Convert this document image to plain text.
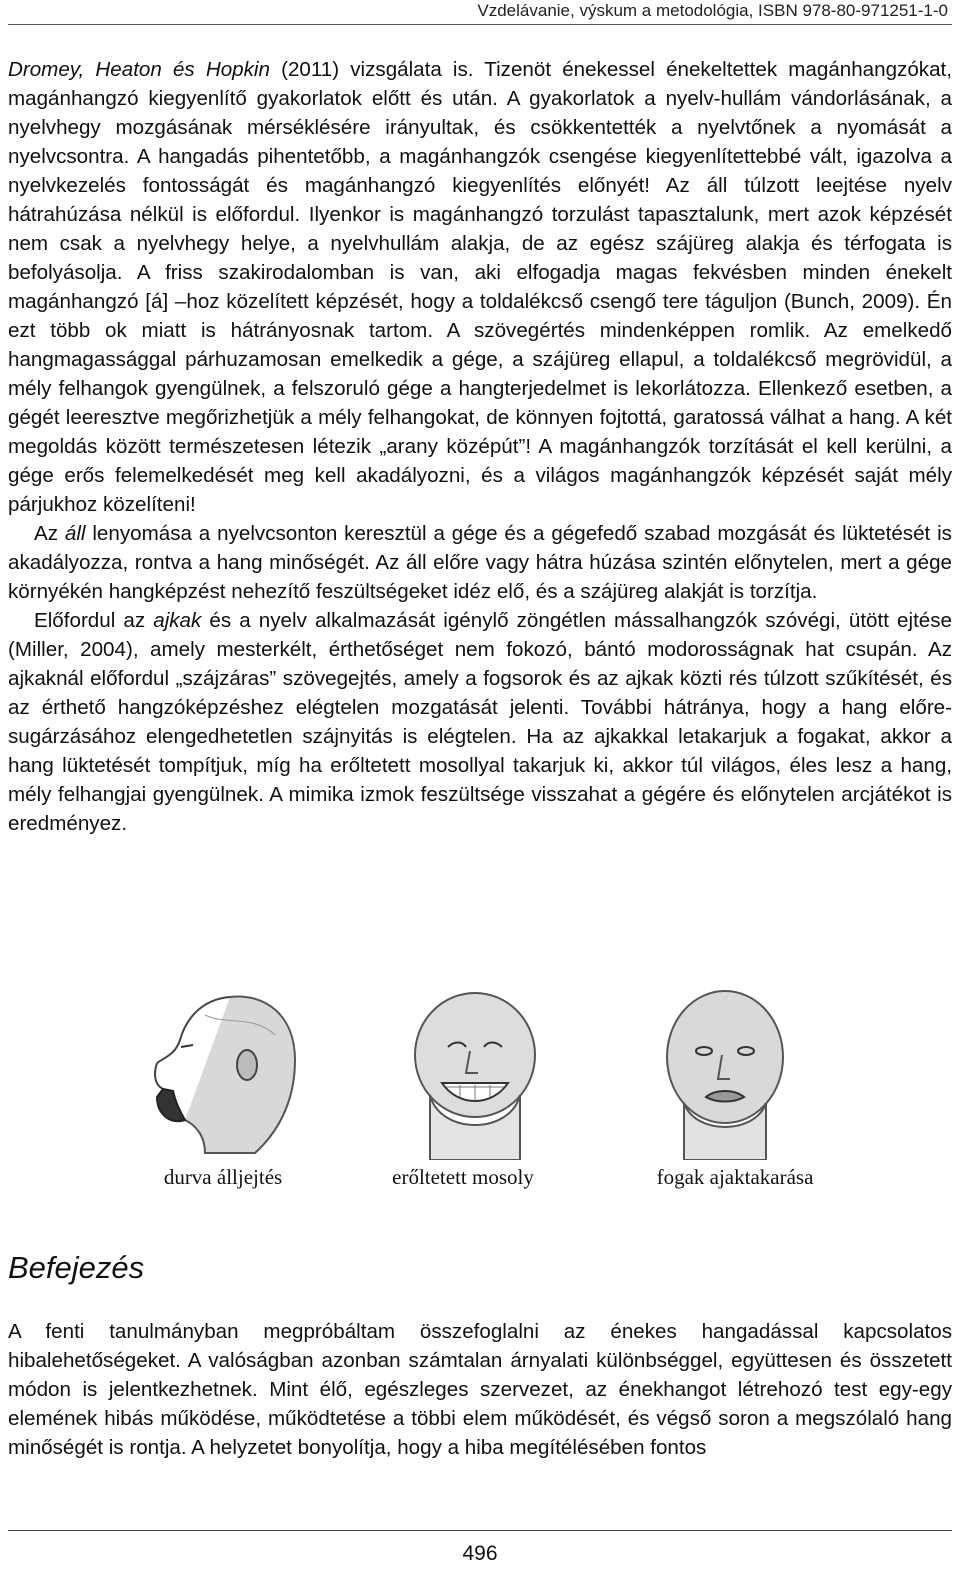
Vzdelávanie, výskum a metodológia, ISBN 978-80-971251-1-0

Dromey, Heaton és Hopkin (2011) vizsgálata is. Tizenöt énekessel énekeltettek magánhangzókat, magánhangzó kiegyenlítő gyakorlatok előtt és után. A gyakorlatok a nyelv-hullám vándorlásának, a nyelvhegy mozgásának mérséklésére irányultak, és csökkentették a nyelvtőnek a nyomását a nyelvcsontra. A hangadás pihentetőbb, a magánhangzók csengése kiegyenlítettebbé vált, igazolva a nyelvkezelés fontosságát és magánhangzó kiegyenlítés előnyét! Az áll túlzott leejtése nyelv hátrahúzása nélkül is előfordul. Ilyenkor is magánhangzó torzulást tapasztalunk, mert azok képzését nem csak a nyelvhegy helye, a nyelvhullám alakja, de az egész szájüreg alakja és térfogata is befolyásolja. A friss szakirodalomban is van, aki elfogadja magas fekvésben minden énekelt magánhangzó [á] –hoz közelített képzését, hogy a toldalékcső csengő tere táguljon (Bunch, 2009). Én ezt több ok miatt is hátrányosnak tartom. A szövegértés mindenképpen romlik. Az emelkedő hangmagassággal párhuzamosan emelkedik a gége, a szájüreg ellapul, a toldalékcső megrövidül, a mély felhangok gyengülnek, a felszoruló gége a hangterjedelmet is lekorlátozza. Ellenkező esetben, a gégét leeresztve megőrizhetjük a mély felhangokat, de könnyen fojtottá, garatossá válhat a hang. A két megoldás között természetesen létezik „arany középút”! A magánhangzók torzítását el kell kerülni, a gége erős felemelkedését meg kell akadályozni, és a világos magánhangzók képzését saját mély párjukhoz közelíteni!

Az áll lenyomása a nyelvcsonton keresztül a gége és a gégefedő szabad mozgását és lüktetését is akadályozza, rontva a hang minőségét. Az áll előre vagy hátra húzása szintén előnytelen, mert a gége környékén hangképzést nehezítő feszültségeket idéz elő, és a szájüreg alakját is torzítja.

Előfordul az ajkak és a nyelv alkalmazását igénylő zöngétlen mássalhangzók szóvégi, ütött ejtése (Miller, 2004), amely mesterkélt, érthetőséget nem fokozó, bántó modorosságnak hat csupán. Az ajkaknál előfordul „szájzáras” szövegejtés, amely a fogsorok és az ajkak közti rés túlzott szűkítését, és az érthető hangzóképzéshez elégtelen mozgatását jelenti. További hátránya, hogy a hang előre-sugárzásához elengedhetetlen szájnyitás is elégtelen. Ha az ajkakkal letakarjuk a fogakat, akkor a hang lüktetését tompítjuk, míg ha erőltetett mosollyal takarjuk ki, akkor túl világos, éles lesz a hang, mély felhangjai gyengülnek. A mimika izmok feszültsége visszahat a gégére és előnytelen arcjátékot is eredményez.

durva álljejtés	erőltetett mosoly	fogak ajaktakarása
Befejezés

A fenti tanulmányban megpróbáltam összefoglalni az énekes hangadással kapcsolatos hibalehetőségeket. A valóságban azonban számtalan árnyalati különbséggel, együttesen és összetett módon is jelentkezhetnek. Mint élő, egészleges szervezet, az énekhangot létrehozó test egy-egy elemének hibás működése, működtetése a többi elem működését, és végső soron a megszólaló hang minőségét is rontja. A helyzetet bonyolítja, hogy a hiba megítélésében fontos

496
